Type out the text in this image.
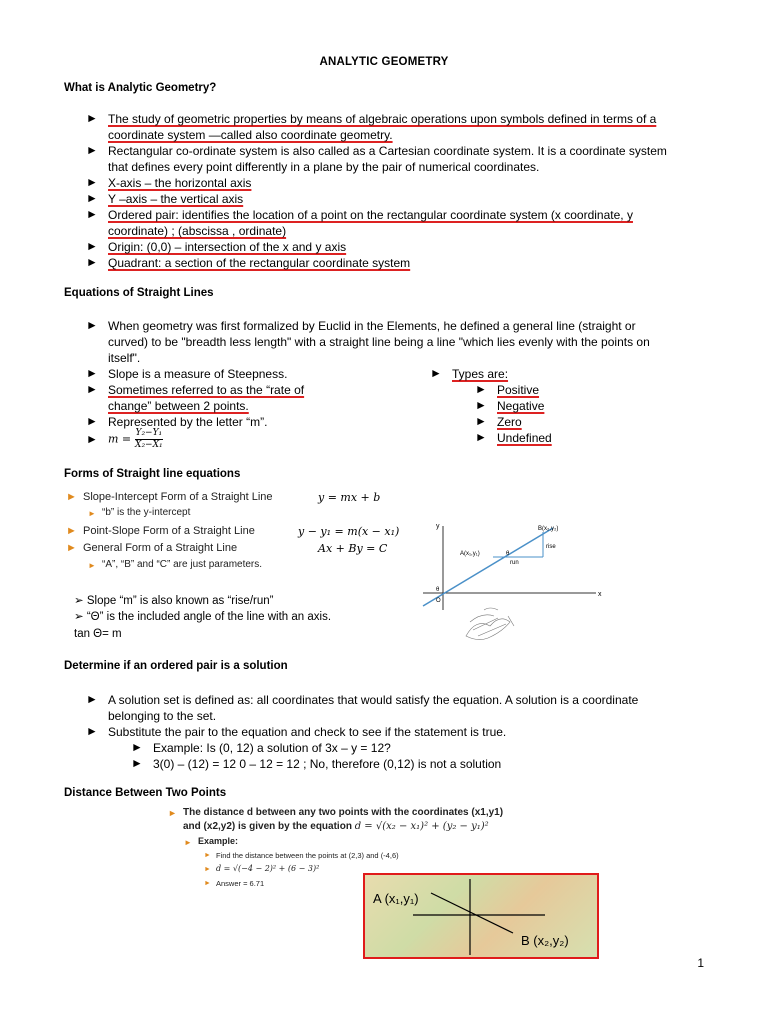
ANALYTIC GEOMETRY
What is Analytic Geometry?
► The study of geometric properties by means of algebraic operations upon symbols defined in terms of a
coordinate system —called also coordinate geometry.
► Rectangular co-ordinate system is also called as a Cartesian coordinate system. It is a coordinate system
that defines every point differently in a plane by the pair of numerical coordinates.
► X-axis – the horizontal axis
► Y –axis – the vertical axis
► Ordered pair: identifies the location of a point on the rectangular coordinate system (x coordinate, y
coordinate) ; (abscissa , ordinate)
► Origin: (0,0) – intersection of the x and y axis
► Quadrant: a section of the rectangular coordinate system
Equations of Straight Lines
► When geometry was first formalized by Euclid in the Elements, he defined a general line (straight or
curved) to be "breadth less length" with a straight line being a line "which lies evenly with the points on
itself".
► Slope is a measure of Steepness.
► Sometimes referred to as the “rate of
change” between 2 points.
► Represented by the letter “m”.
► $m = \frac{\text{Y₂−Y₁}}{\text{X₂−X₁}}$
► Types are:
► Positive
► Negative
► Zero
► Undefined
Forms of Straight line equations
► Slope-Intercept Form of a Straight Line	y = mx + b
► “b” is the y-intercept
► Point-Slope Form of a Straight Line	y − y₁ = m(x − x₁)
► General Form of a Straight Line	Ax + By = C
► “A”, “B” and “C” are just parameters.
➢ Slope “m” is also known as “rise/run”
➢ “Θ” is the included angle of the line with an axis.
tan Θ= m
y
x
A(x₁,y₁)
B(x₂,y₂)
rise
run
θ
θ
O
Determine if an ordered pair is a solution
► A solution set is defined as: all coordinates that would satisfy the equation. A solution is a coordinate
belonging to the set.
► Substitute the pair to the equation and check to see if the statement is true.
► Example: Is (0, 12) a solution of 3x – y = 12?
► 3(0) – (12) = 12 0 – 12 = 12 ; No, therefore (0,12) is not a solution
Distance Between Two Points
► The distance d between any two points with the coordinates (x1,y1)
and (x2,y2) is given by the equation d = √(x₂ − x₁)² + (y₂ − y₁)²
► Example:
► Find the distance between the points at (2,3) and (-4,6)
► d = √(−4 − 2)² + (6 − 3)²
► Answer = 6.71
A (x₁,y₁)
B (x₂,y₂)
1
